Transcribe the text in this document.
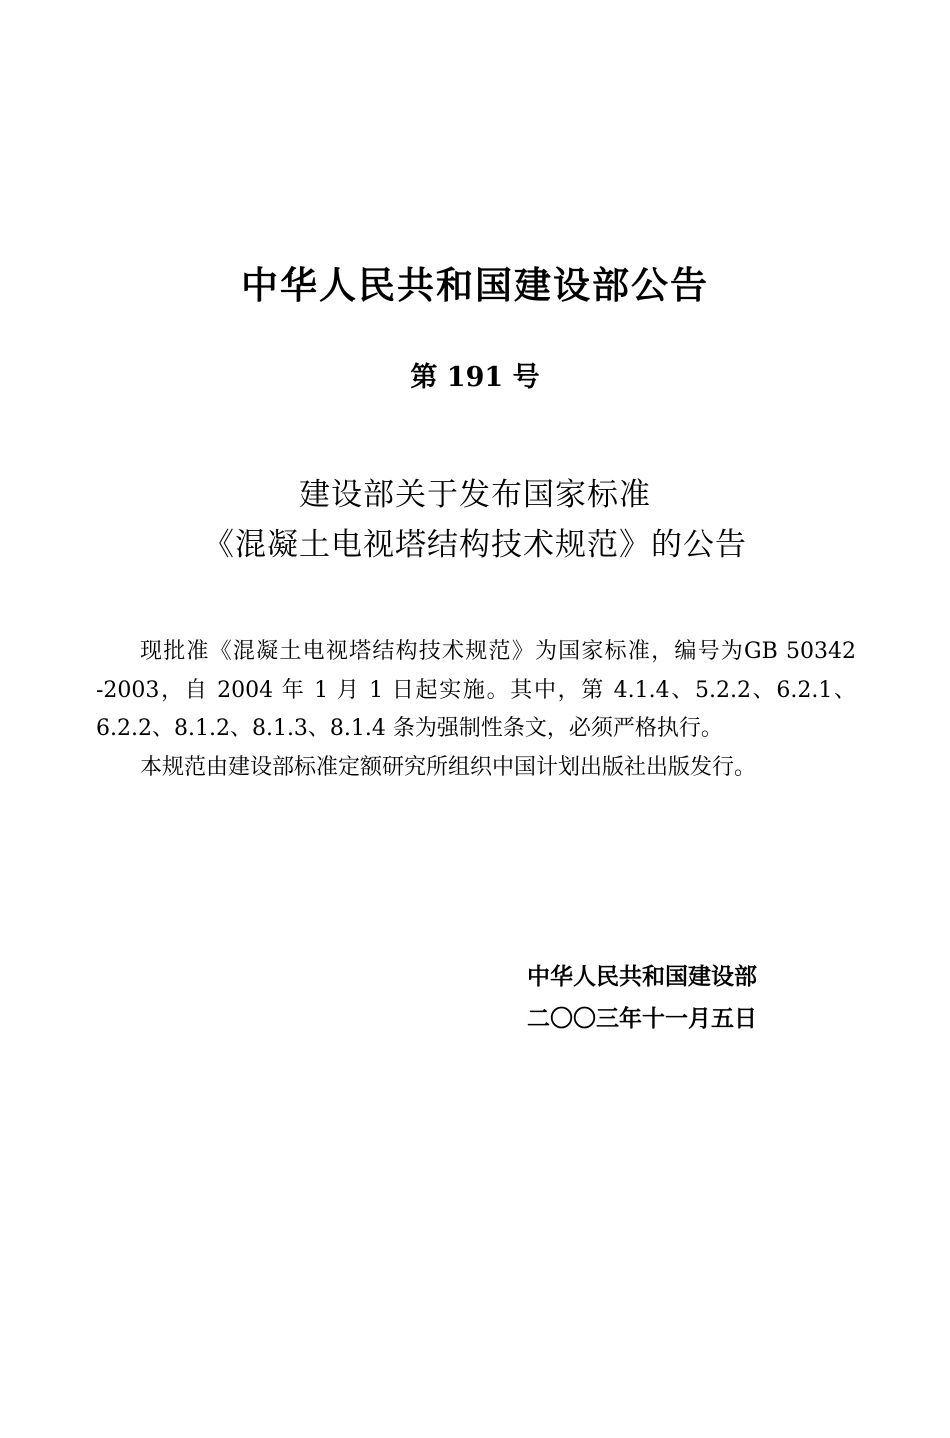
中华人民共和国建设部公告
第 191 号
建设部关于发布国家标准
《混凝土电视塔结构技术规范》的公告

现批准《混凝土电视塔结构技术规范》为国家标准，编号为GB 50342 -2003，自 2004 年 1 月 1 日起实施。其中，第 4.1.4、5.2.2、6.2.1、6.2.2、8.1.2、8.1.3、8.1.4 条为强制性条文，必须严格执行。

本规范由建设部标准定额研究所组织中国计划出版社出版发行。

中华人民共和国建设部
二〇〇三年十一月五日
